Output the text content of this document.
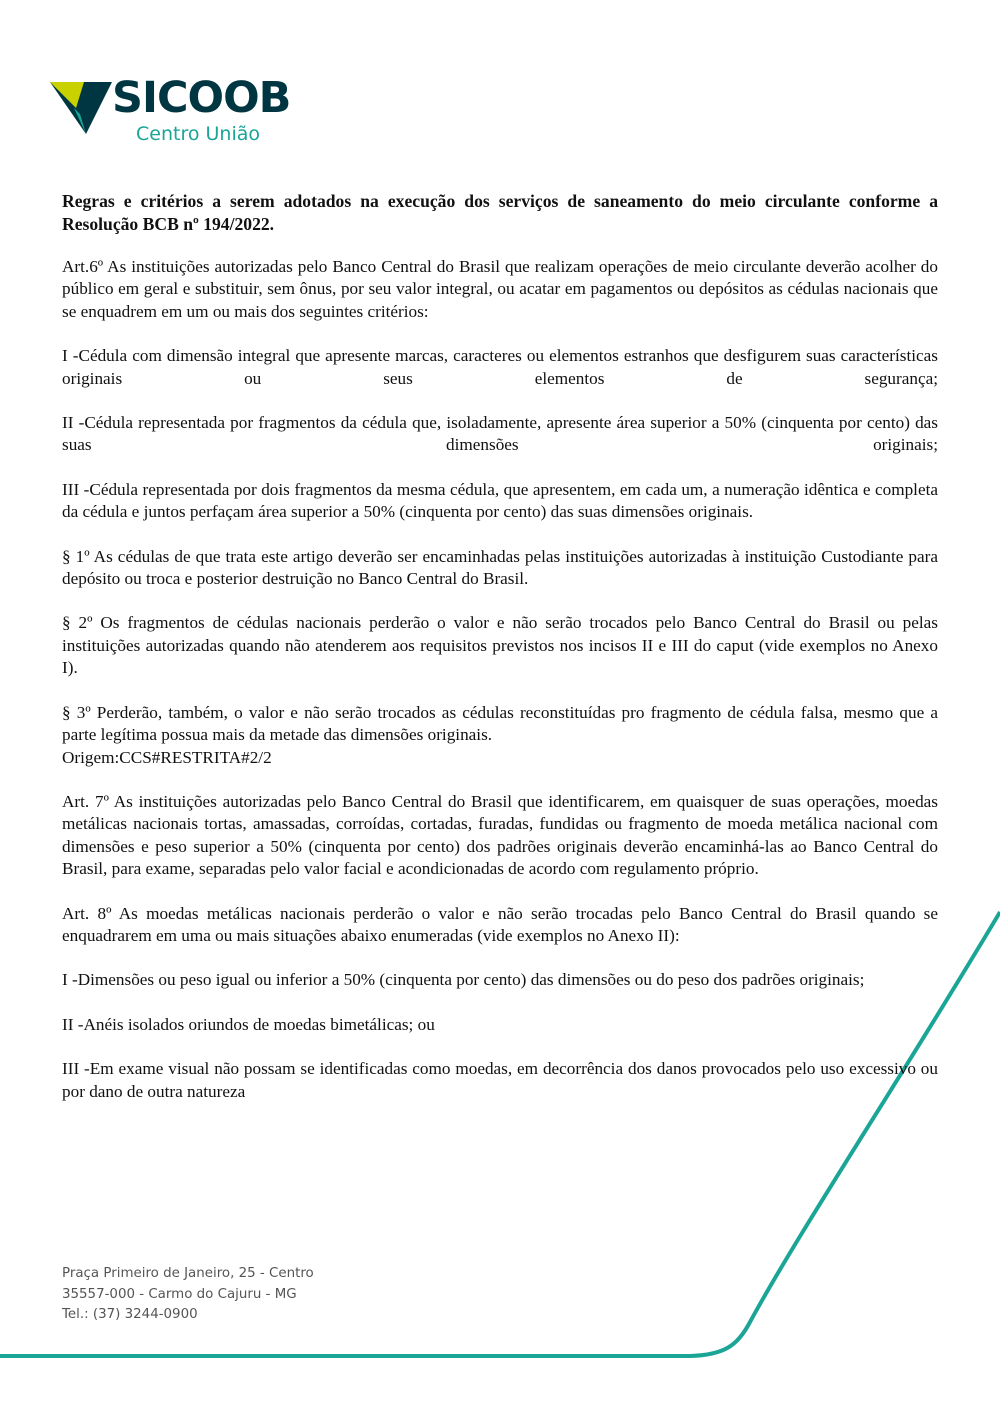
SICOOB
Centro União
Regras e critérios a serem adotados na execução dos serviços de saneamento do meio circulante conforme a Resolução BCB nº 194/2022.

Art.6º As instituições autorizadas pelo Banco Central do Brasil que realizam operações de meio circulante deverão acolher do público em geral e substituir, sem ônus, por seu valor integral, ou acatar em pagamentos ou depósitos as cédulas nacionais que se enquadrem em um ou mais dos seguintes critérios:

I -Cédula com dimensão integral que apresente marcas, caracteres ou elementos estranhos que desfigurem suas características originais ou seus elementos de segurança;

II -Cédula representada por fragmentos da cédula que, isoladamente, apresente área superior a 50% (cinquenta por cento) das suas dimensões originais;

III -Cédula representada por dois fragmentos da mesma cédula, que apresentem, em cada um, a numeração idêntica e completa da cédula e juntos perfaçam área superior a 50% (cinquenta por cento) das suas dimensões originais.

§ 1º As cédulas de que trata este artigo deverão ser encaminhadas pelas instituições autorizadas à instituição Custodiante para depósito ou troca e posterior destruição no Banco Central do Brasil.

§ 2º Os fragmentos de cédulas nacionais perderão o valor e não serão trocados pelo Banco Central do Brasil ou pelas instituições autorizadas quando não atenderem aos requisitos previstos nos incisos II e III do caput (vide exemplos no Anexo I).

§ 3º Perderão, também, o valor e não serão trocados as cédulas reconstituídas pro fragmento de cédula falsa, mesmo que a parte legítima possua mais da metade das dimensões originais.

Origem:CCS#RESTRITA#2/2

Art. 7º As instituições autorizadas pelo Banco Central do Brasil que identificarem, em quaisquer de suas operações, moedas metálicas nacionais tortas, amassadas, corroídas, cortadas, furadas, fundidas ou fragmento de moeda metálica nacional com dimensões e peso superior a 50% (cinquenta por cento) dos padrões originais deverão encaminhá-las ao Banco Central do Brasil, para exame, separadas pelo valor facial e acondicionadas de acordo com regulamento próprio.

Art. 8º As moedas metálicas nacionais perderão o valor e não serão trocadas pelo Banco Central do Brasil quando se enquadrarem em uma ou mais situações abaixo enumeradas (vide exemplos no Anexo II):

I -Dimensões ou peso igual ou inferior a 50% (cinquenta por cento) das dimensões ou do peso dos padrões originais;

II -Anéis isolados oriundos de moedas bimetálicas; ou

III -Em exame visual não possam se identificadas como moedas, em decorrência dos danos provocados pelo uso excessivo ou por dano de outra natureza

Praça Primeiro de Janeiro, 25 - Centro
35557-000 - Carmo do Cajuru - MG
Tel.: (37) 3244-0900
